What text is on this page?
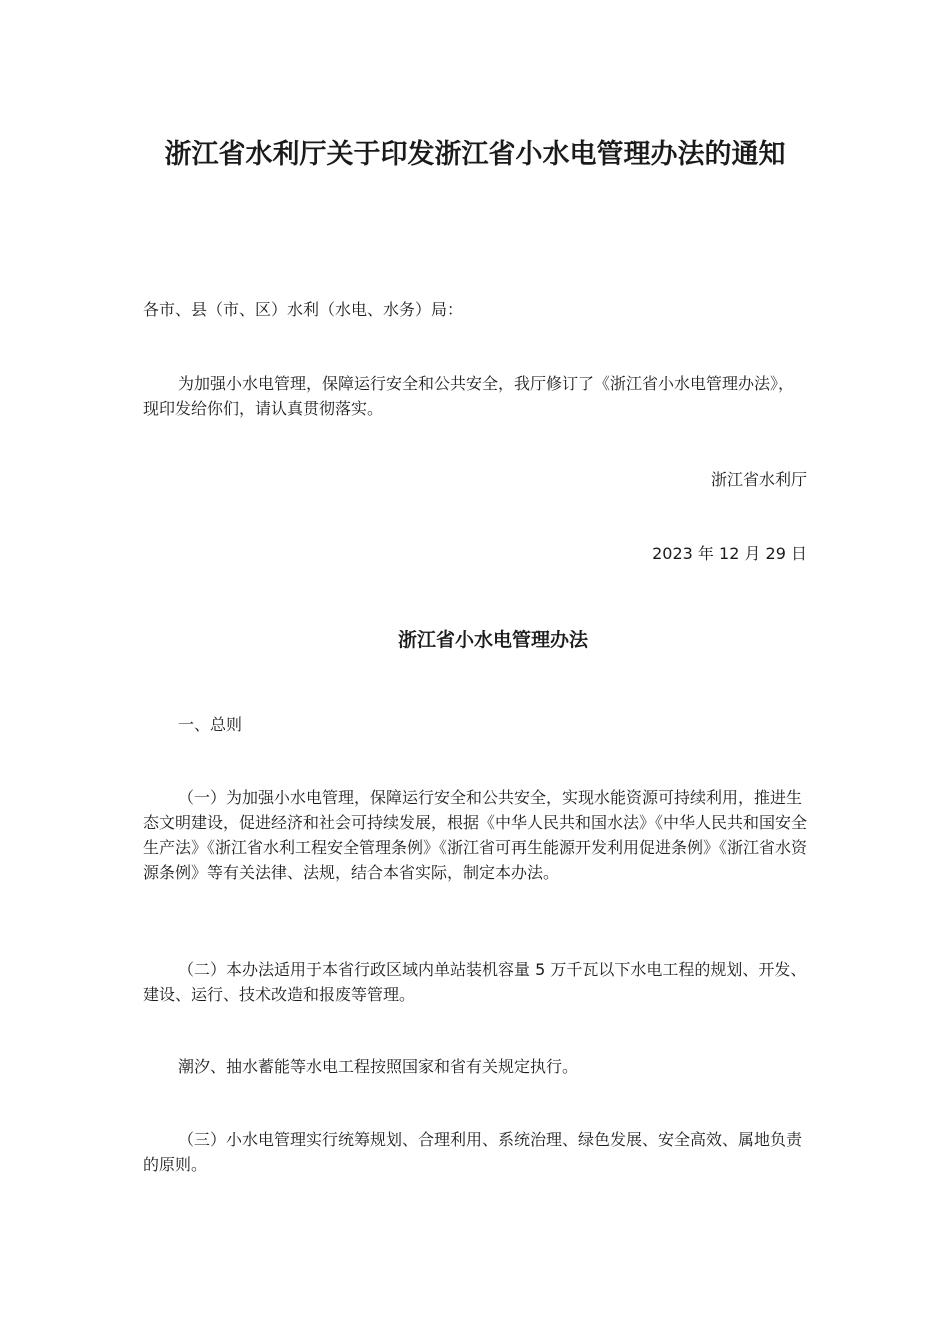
浙江省水利厅关于印发浙江省小水电管理办法的通知

各市、县（市、区）水利（水电、水务）局：

为加强小水电管理，保障运行安全和公共安全，我厅修订了《浙江省小水电管理办法》，现印发给你们，请认真贯彻落实。

浙江省水利厅

2023 年 12 月 29 日

浙江省小水电管理办法

一、总则

（一）为加强小水电管理，保障运行安全和公共安全，实现水能资源可持续利用，推进生态文明建设，促进经济和社会可持续发展，根据《中华人民共和国水法》《中华人民共和国安全生产法》《浙江省水利工程安全管理条例》《浙江省可再生能源开发利用促进条例》《浙江省水资源条例》等有关法律、法规，结合本省实际，制定本办法。

（二）本办法适用于本省行政区域内单站装机容量 5 万千瓦以下水电工程的规划、开发、建设、运行、技术改造和报废等管理。

潮汐、抽水蓄能等水电工程按照国家和省有关规定执行。

（三）小水电管理实行统筹规划、合理利用、系统治理、绿色发展、安全高效、属地负责的原则。
